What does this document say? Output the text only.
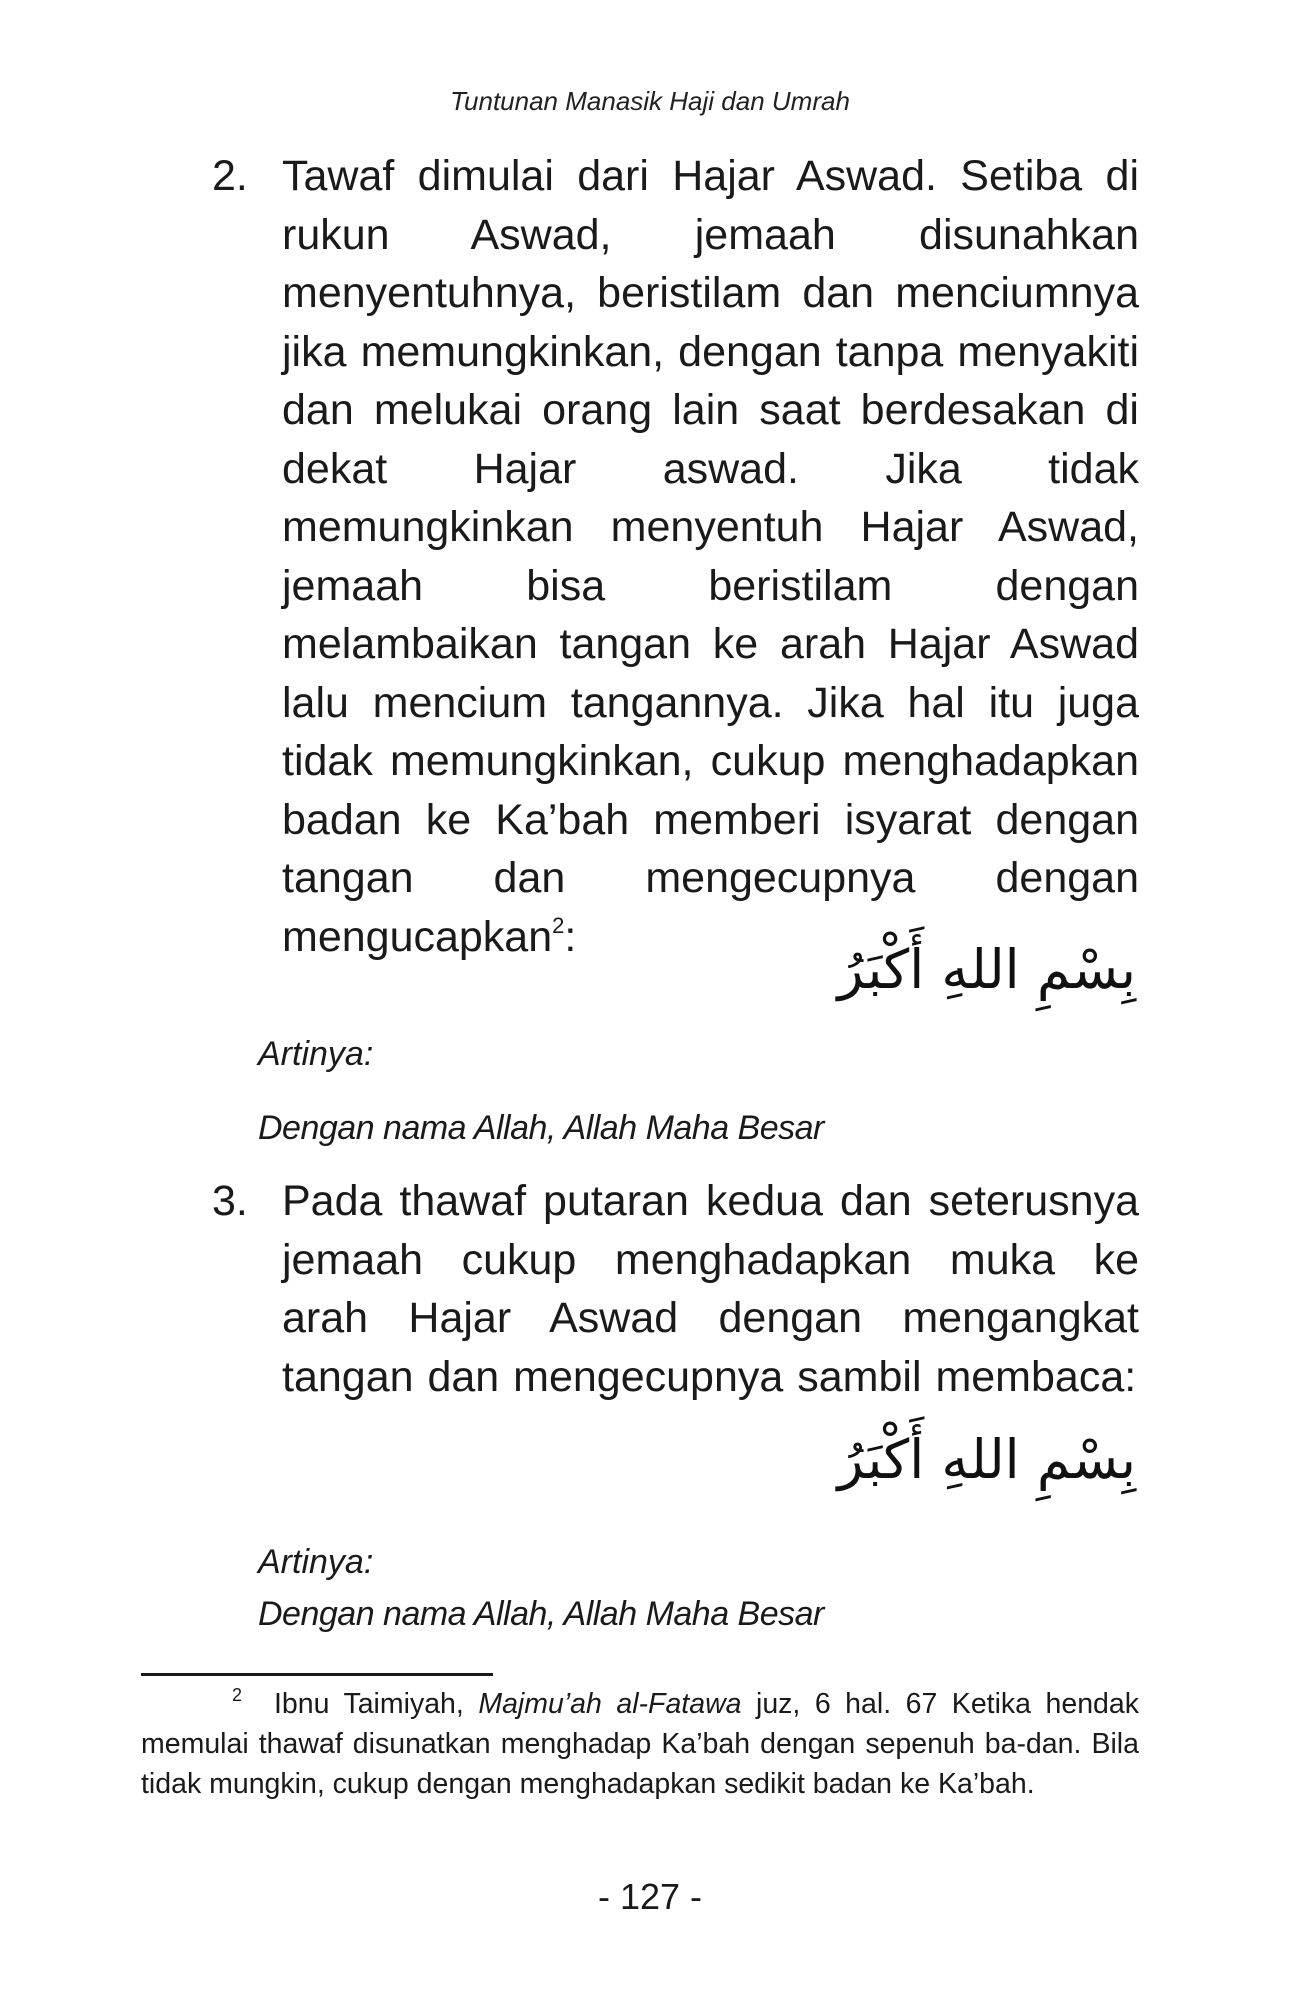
Tuntunan Manasik Haji dan Umrah
2. Tawaf dimulai dari Hajar Aswad. Setiba di rukun Aswad, jemaah disunahkan menyentuhnya, beristilam dan menciumnya jika memungkinkan, dengan tanpa menyakiti dan melukai orang lain saat berdesakan di dekat Hajar aswad. Jika tidak memungkinkan menyentuh Hajar Aswad, jemaah bisa beristilam dengan melambaikan tangan ke arah Hajar Aswad lalu mencium tangannya. Jika hal itu juga tidak memungkinkan, cukup menghadapkan badan ke Ka’bah memberi isyarat dengan tangan dan mengecupnya dengan mengucapkan$^2$:
بِسْمِ اللهِ أَكْبَرُ
Artinya:
Dengan nama Allah, Allah Maha Besar
3. Pada thawaf putaran kedua dan seterusnya jemaah cukup menghadapkan muka ke arah Hajar Aswad dengan mengangkat tangan dan mengecupnya sambil membaca:
بِسْمِ اللهِ أَكْبَرُ
Artinya:
Dengan nama Allah, Allah Maha Besar
2 Ibnu Taimiyah, Majmu’ah al-Fatawa juz, 6 hal. 67 Ketika hendak memulai thawaf disunatkan menghadap Ka’bah dengan sepenuh ba-dan. Bila tidak mungkin, cukup dengan menghadapkan sedikit badan ke Ka’bah.
- 127 -
